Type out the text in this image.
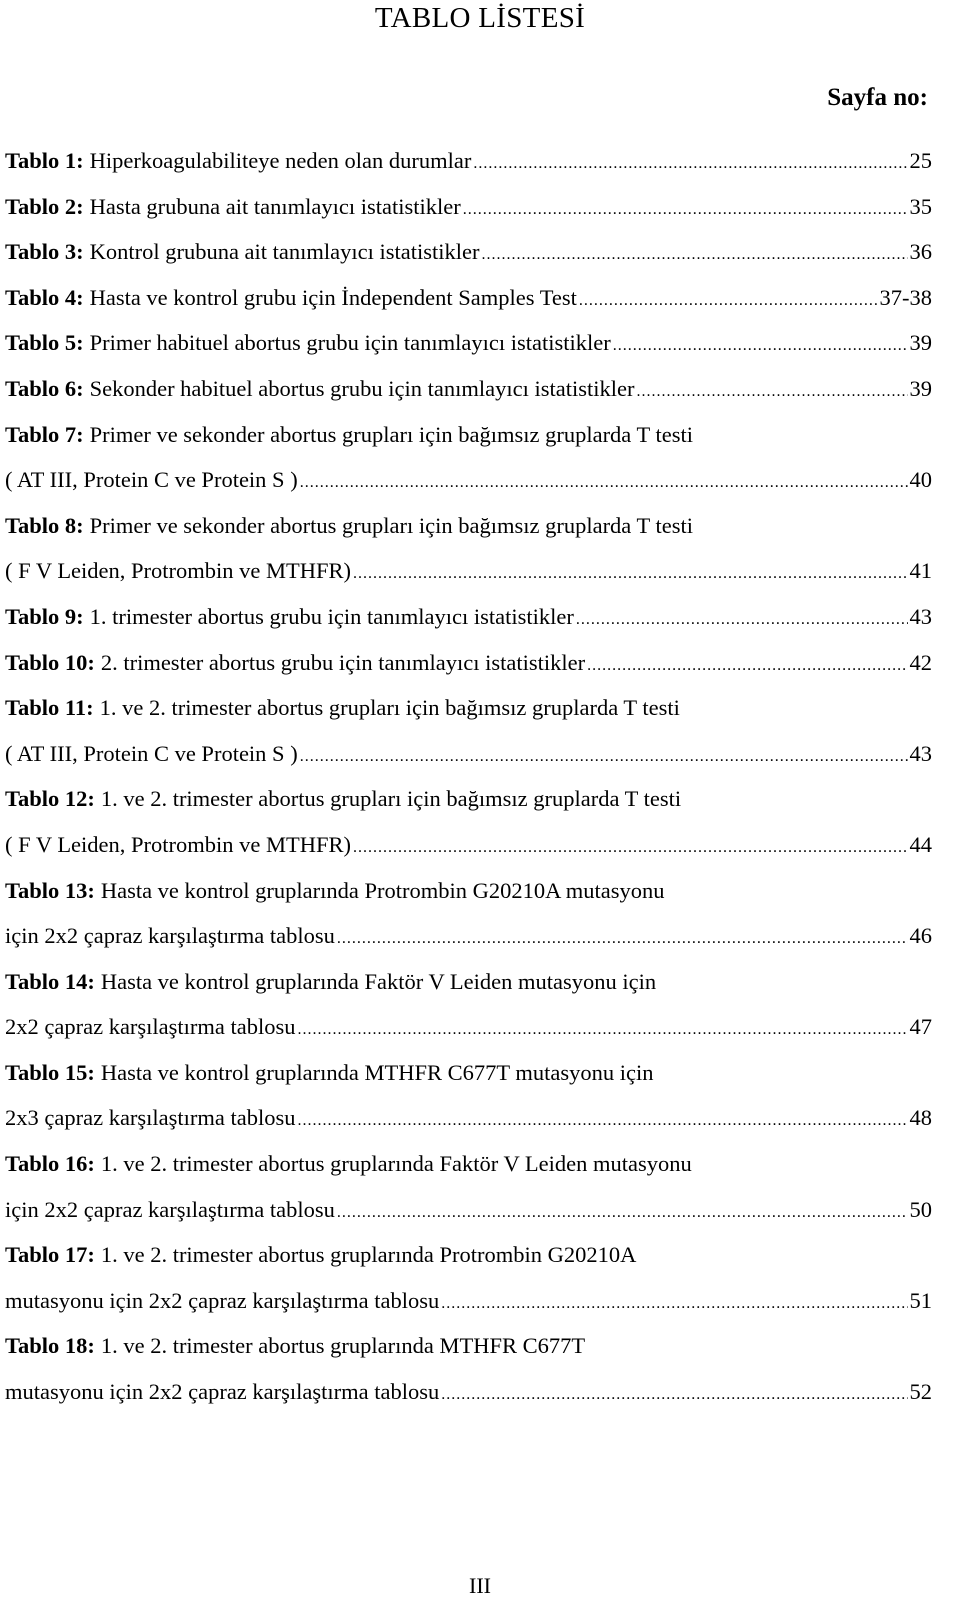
TABLO LİSTESİ
Sayfa no:
Tablo 1: Hiperkoagulabiliteye neden olan durumlar .....	25
Tablo 2: Hasta grubuna ait tanımlayıcı istatistikler .....	35
Tablo 3: Kontrol grubuna ait tanımlayıcı istatistikler .....	36
Tablo 4: Hasta ve kontrol grubu için İndependent Samples Test .....	37-38
Tablo 5: Primer habituel abortus grubu için tanımlayıcı istatistikler .....	39
Tablo 6: Sekonder habituel abortus grubu için tanımlayıcı istatistikler .....	39
Tablo 7: Primer ve sekonder abortus grupları için bağımsız gruplarda T testi
( AT III, Protein C ve Protein S ) .....	40
Tablo 8: Primer ve sekonder abortus grupları için bağımsız gruplarda T testi
( F V Leiden, Protrombin ve MTHFR) .....	41
Tablo 9: 1. trimester abortus grubu için tanımlayıcı istatistikler .....	43
Tablo 10: 2. trimester abortus grubu için tanımlayıcı istatistikler .....	42
Tablo 11: 1. ve 2. trimester abortus grupları için bağımsız gruplarda T testi
( AT III, Protein C ve Protein S ) .....	43
Tablo 12: 1. ve 2. trimester abortus grupları için bağımsız gruplarda T testi
( F V Leiden, Protrombin ve MTHFR) .....	44
Tablo 13: Hasta ve kontrol gruplarında Protrombin G20210A mutasyonu
için 2x2 çapraz karşılaştırma tablosu .....	46
Tablo 14: Hasta ve kontrol gruplarında Faktör V Leiden mutasyonu için
2x2 çapraz karşılaştırma tablosu .....	47
Tablo 15: Hasta ve kontrol gruplarında MTHFR C677T mutasyonu için
2x3 çapraz karşılaştırma tablosu .....	48
Tablo 16: 1. ve 2. trimester abortus gruplarında Faktör V Leiden mutasyonu
için 2x2 çapraz karşılaştırma tablosu .....	50
Tablo 17: 1. ve 2. trimester abortus gruplarında Protrombin G20210A
mutasyonu için 2x2 çapraz karşılaştırma tablosu .....	51
Tablo 18: 1. ve 2. trimester abortus gruplarında MTHFR C677T
mutasyonu için 2x2 çapraz karşılaştırma tablosu .....	52
III
